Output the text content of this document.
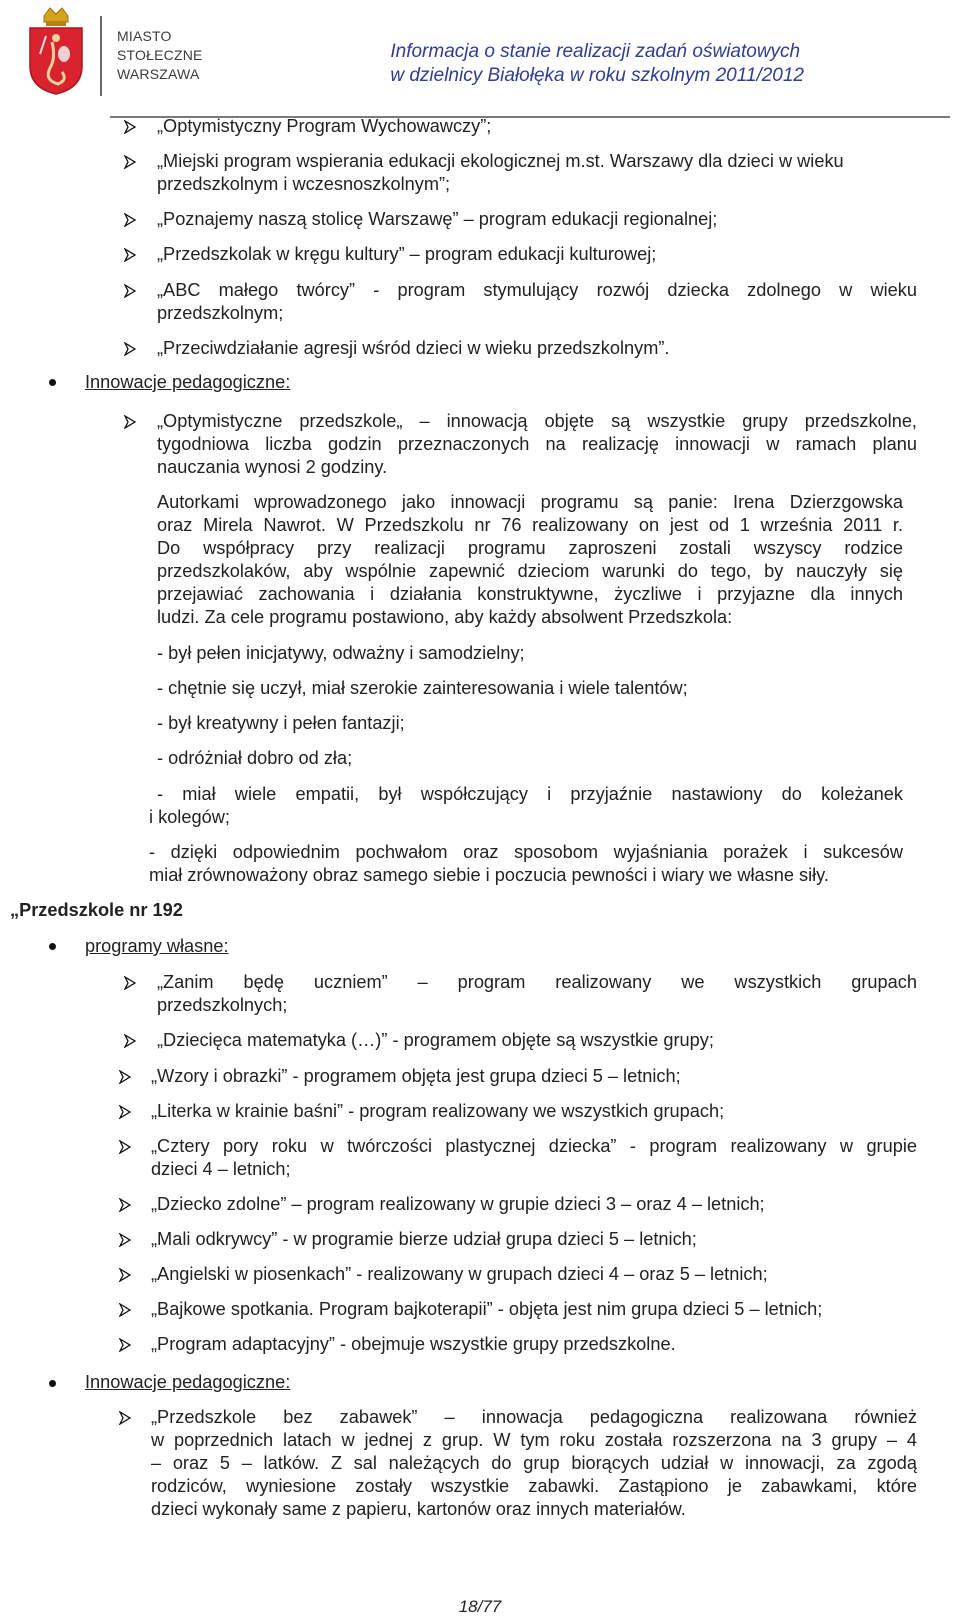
MIASTO
STOŁECZNE
WARSZAWA
Informacja o stanie realizacji zadań oświatowych
w dzielnicy Białołęka w roku szkolnym 2011/2012
„Optymistyczny Program Wychowawczy”;
„Miejski program wspierania edukacji ekologicznej m.st. Warszawy dla dzieci w wieku
przedszkolnym i wczesnoszkolnym”;
„Poznajemy naszą stolicę Warszawę” – program edukacji regionalnej;
„Przedszkolak w kręgu kultury” – program edukacji kulturowej;
„ABC małego twórcy” - program stymulujący rozwój dziecka zdolnego w wieku
przedszkolnym;
„Przeciwdziałanie agresji wśród dzieci w wieku przedszkolnym”.
Innowacje pedagogiczne:
„Optymistyczne przedszkole„ – innowacją objęte są wszystkie grupy przedszkolne,
tygodniowa liczba godzin przeznaczonych na realizację innowacji w ramach planu
nauczania wynosi 2 godziny.
Autorkami wprowadzonego jako innowacji programu są panie: Irena Dzierzgowska
oraz Mirela Nawrot. W Przedszkolu nr 76 realizowany on jest od 1 września 2011 r.
Do współpracy przy realizacji programu zaproszeni zostali wszyscy rodzice
przedszkolaków, aby wspólnie zapewnić dzieciom warunki do tego, by nauczyły się
przejawiać zachowania i działania konstruktywne, życzliwe i przyjazne dla innych
ludzi. Za cele programu postawiono, aby każdy absolwent Przedszkola:
- był pełen inicjatywy, odważny i samodzielny;
- chętnie się uczył, miał szerokie zainteresowania i wiele talentów;
- był kreatywny i pełen fantazji;
- odróżniał dobro od zła;
- miał wiele empatii, był współczujący i przyjaźnie nastawiony do koleżanek
i kolegów;
- dzięki odpowiednim pochwałom oraz sposobom wyjaśniania porażek i sukcesów
miał zrównoważony obraz samego siebie i poczucia pewności i wiary we własne siły.
„Przedszkole nr 192
programy własne:
„Zanim będę uczniem” – program realizowany we wszystkich grupach
przedszkolnych;
„Dziecięca matematyka (…)” - programem objęte są wszystkie grupy;
„Wzory i obrazki” - programem objęta jest grupa dzieci 5 – letnich;
„Literka w krainie baśni” - program realizowany we wszystkich grupach;
„Cztery pory roku w twórczości plastycznej dziecka” - program realizowany w grupie
dzieci 4 – letnich;
„Dziecko zdolne” – program realizowany w grupie dzieci 3 – oraz 4 – letnich;
„Mali odkrywcy” - w programie bierze udział grupa dzieci 5 – letnich;
„Angielski w piosenkach” - realizowany w grupach dzieci 4 – oraz 5 – letnich;
„Bajkowe spotkania. Program bajkoterapii” - objęta jest nim grupa dzieci 5 – letnich;
„Program adaptacyjny” - obejmuje wszystkie grupy przedszkolne.
Innowacje pedagogiczne:
„Przedszkole bez zabawek” – innowacja pedagogiczna realizowana również
w poprzednich latach w jednej z grup. W tym roku została rozszerzona na 3 grupy – 4
– oraz 5 – latków. Z sal należących do grup biorących udział w innowacji, za zgodą
rodziców, wyniesione zostały wszystkie zabawki. Zastąpiono je zabawkami, które
dzieci wykonały same z papieru, kartonów oraz innych materiałów.
18/77
